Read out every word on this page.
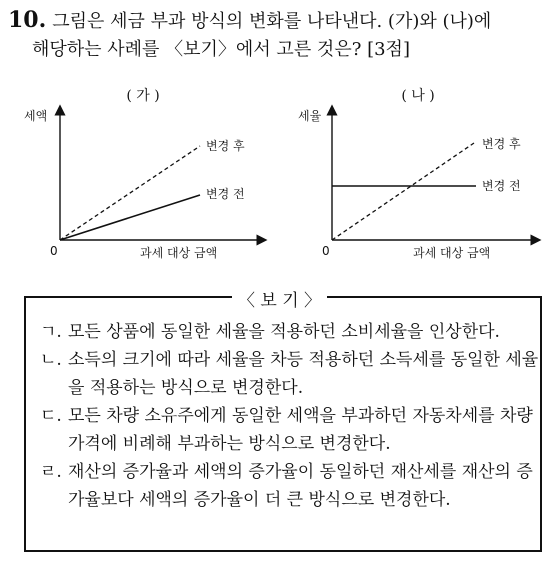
10. 그림은 세금 부과 방식의 변화를 나타낸다. (가)와 (나)에
해당하는 사례를 〈보기〉에서 고른 것은? [3점]
( 가 )
세액
0	과세 대상 금액
변경 후
변경 전
( 나 )
세율
0	과세 대상 금액
변경 후
변경 전
〈 보 기 〉
ㄱ. 모든 상품에 동일한 세율을 적용하던 소비세율을 인상한다.
ㄴ. 소득의 크기에 따라 세율을 차등 적용하던 소득세를 동일한 세율을 적용하는 방식으로 변경한다.
ㄷ. 모든 차량 소유주에게 동일한 세액을 부과하던 자동차세를 차량 가격에 비례해 부과하는 방식으로 변경한다.
ㄹ. 재산의 증가율과 세액의 증가율이 동일하던 재산세를 재산의 증가율보다 세액의 증가율이 더 큰 방식으로 변경한다.
